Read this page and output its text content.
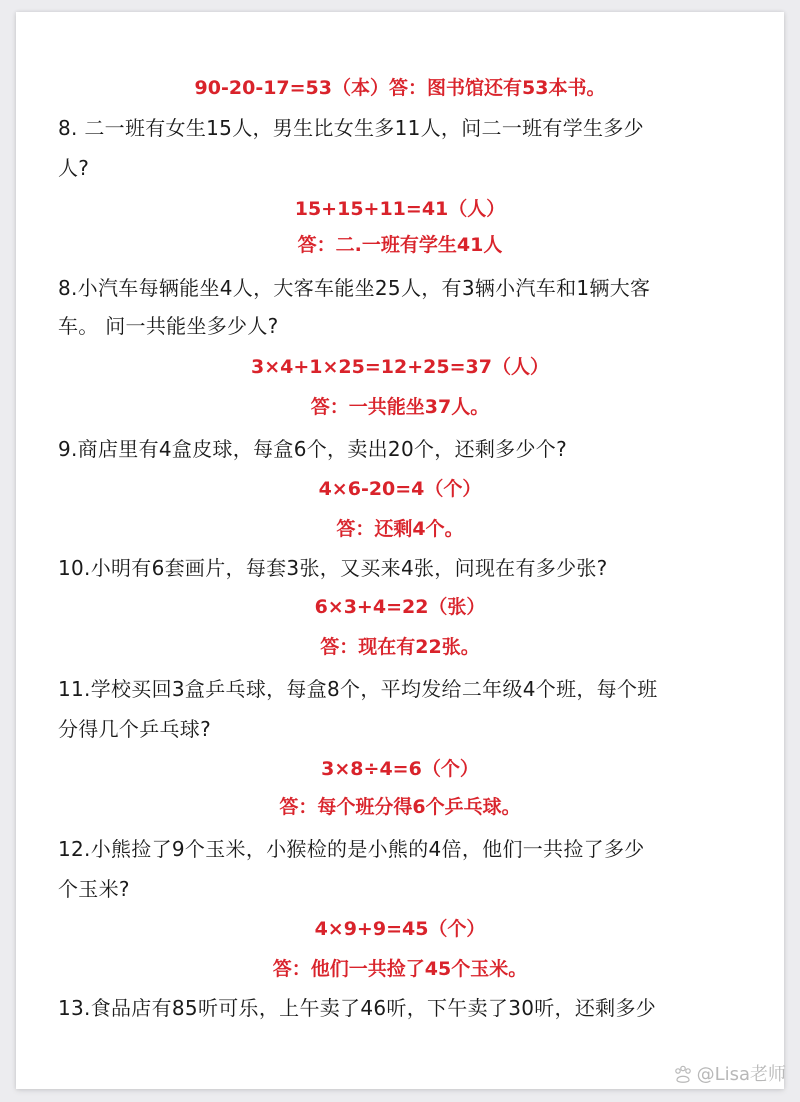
90-20-17=53（本）答：图书馆还有53本书。
8. 二一班有女生15人，男生比女生多11人，问二一班有学生多少
人?
15+15+11=41（人）
答：二.一班有学生41人
8.小汽车每辆能坐4人，大客车能坐25人，有3辆小汽车和1辆大客
车。 问一共能坐多少人?
3×4+1×25=12+25=37（人）
答：一共能坐37人。
9.商店里有4盒皮球，每盒6个，卖出20个，还剩多少个?
4×6-20=4（个）
答：还剩4个。
10.小明有6套画片，每套3张，又买来4张，问现在有多少张?
6×3+4=22（张）
答：现在有22张。
11.学校买回3盒乒乓球，每盒8个，平均发给二年级4个班，每个班
分得几个乒乓球?
3×8÷4=6（个）
答：每个班分得6个乒乓球。
12.小熊捡了9个玉米，小猴检的是小熊的4倍，他们一共捡了多少
个玉米?
4×9+9=45（个）
答：他们一共捡了45个玉米。
13.食品店有85听可乐，上午卖了46听，下午卖了30听，还剩多少
@Lisa老师
